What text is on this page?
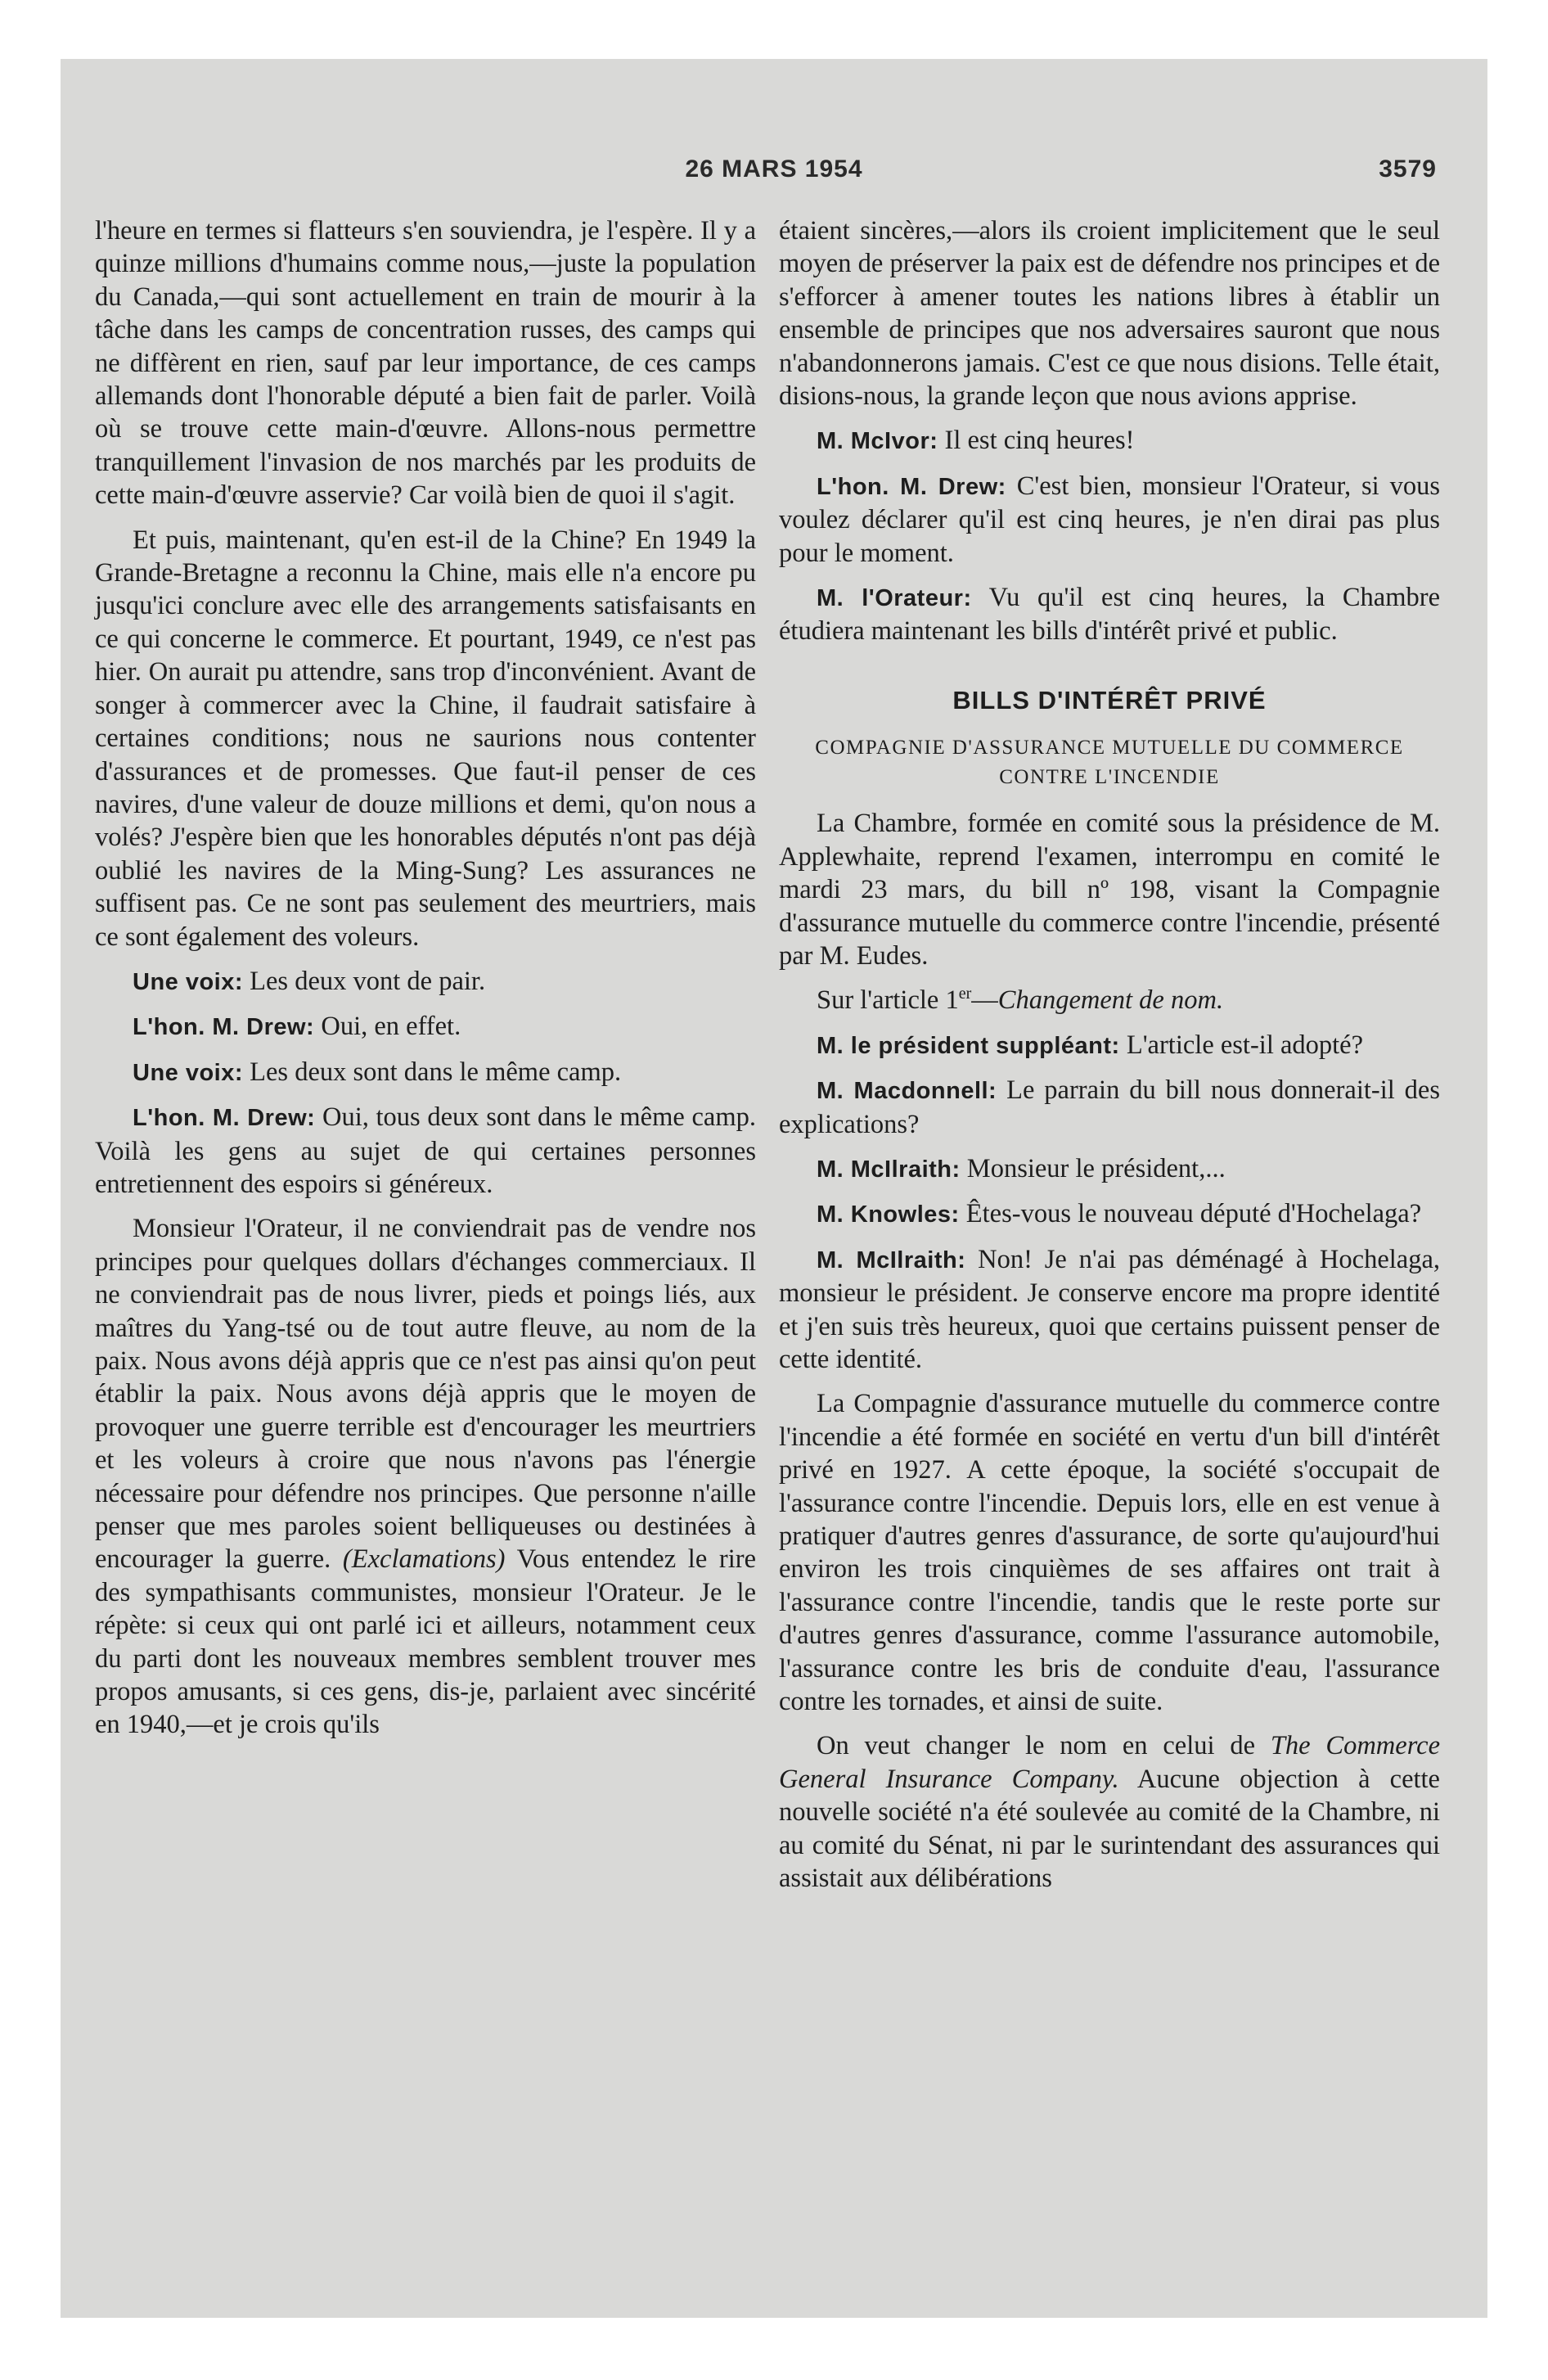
26 MARS 1954	3579

l'heure en termes si flatteurs s'en souviendra, je l'espère. Il y a quinze millions d'humains comme nous,—juste la population du Canada,—qui sont actuellement en train de mourir à la tâche dans les camps de concentration russes, des camps qui ne diffèrent en rien, sauf par leur importance, de ces camps allemands dont l'honorable député a bien fait de parler. Voilà où se trouve cette main-d'œuvre. Allons-nous permettre tranquillement l'invasion de nos marchés par les produits de cette main-d'œuvre asservie? Car voilà bien de quoi il s'agit.

Et puis, maintenant, qu'en est-il de la Chine? En 1949 la Grande-Bretagne a reconnu la Chine, mais elle n'a encore pu jusqu'ici conclure avec elle des arrangements satisfaisants en ce qui concerne le commerce. Et pourtant, 1949, ce n'est pas hier. On aurait pu attendre, sans trop d'inconvénient. Avant de songer à commercer avec la Chine, il faudrait satisfaire à certaines conditions; nous ne saurions nous contenter d'assurances et de promesses. Que faut-il penser de ces navires, d'une valeur de douze millions et demi, qu'on nous a volés? J'espère bien que les honorables députés n'ont pas déjà oublié les navires de la Ming-Sung? Les assurances ne suffisent pas. Ce ne sont pas seulement des meurtriers, mais ce sont également des voleurs.

Une voix: Les deux vont de pair.

L'hon. M. Drew: Oui, en effet.

Une voix: Les deux sont dans le même camp.

L'hon. M. Drew: Oui, tous deux sont dans le même camp. Voilà les gens au sujet de qui certaines personnes entretiennent des espoirs si généreux.

Monsieur l'Orateur, il ne conviendrait pas de vendre nos principes pour quelques dollars d'échanges commerciaux. Il ne conviendrait pas de nous livrer, pieds et poings liés, aux maîtres du Yang-tsé ou de tout autre fleuve, au nom de la paix. Nous avons déjà appris que ce n'est pas ainsi qu'on peut établir la paix. Nous avons déjà appris que le moyen de provoquer une guerre terrible est d'encourager les meurtriers et les voleurs à croire que nous n'avons pas l'énergie nécessaire pour défendre nos principes. Que personne n'aille penser que mes paroles soient belliqueuses ou destinées à encourager la guerre. (Exclamations) Vous entendez le rire des sympathisants communistes, monsieur l'Orateur. Je le répète: si ceux qui ont parlé ici et ailleurs, notamment ceux du parti dont les nouveaux membres semblent trouver mes propos amusants, si ces gens, dis-je, parlaient avec sincérité en 1940,—et je crois qu'ils

étaient sincères,—alors ils croient implicitement que le seul moyen de préserver la paix est de défendre nos principes et de s'efforcer à amener toutes les nations libres à établir un ensemble de principes que nos adversaires sauront que nous n'abandonnerons jamais. C'est ce que nous disions. Telle était, disions-nous, la grande leçon que nous avions apprise.

M. McIvor: Il est cinq heures!

L'hon. M. Drew: C'est bien, monsieur l'Orateur, si vous voulez déclarer qu'il est cinq heures, je n'en dirai pas plus pour le moment.

M. l'Orateur: Vu qu'il est cinq heures, la Chambre étudiera maintenant les bills d'intérêt privé et public.

BILLS D'INTÉRÊT PRIVÉ
COMPAGNIE D'ASSURANCE MUTUELLE DU COMMERCE CONTRE L'INCENDIE

La Chambre, formée en comité sous la présidence de M. Applewhaite, reprend l'examen, interrompu en comité le mardi 23 mars, du bill nº 198, visant la Compagnie d'assurance mutuelle du commerce contre l'incendie, présenté par M. Eudes.

Sur l'article 1er—Changement de nom.

M. le président suppléant: L'article est-il adopté?

M. Macdonnell: Le parrain du bill nous donnerait-il des explications?

M. McIlraith: Monsieur le président,...

M. Knowles: Êtes-vous le nouveau député d'Hochelaga?

M. McIlraith: Non! Je n'ai pas déménagé à Hochelaga, monsieur le président. Je conserve encore ma propre identité et j'en suis très heureux, quoi que certains puissent penser de cette identité.

La Compagnie d'assurance mutuelle du commerce contre l'incendie a été formée en société en vertu d'un bill d'intérêt privé en 1927. A cette époque, la société s'occupait de l'assurance contre l'incendie. Depuis lors, elle en est venue à pratiquer d'autres genres d'assurance, de sorte qu'aujourd'hui environ les trois cinquièmes de ses affaires ont trait à l'assurance contre l'incendie, tandis que le reste porte sur d'autres genres d'assurance, comme l'assurance automobile, l'assurance contre les bris de conduite d'eau, l'assurance contre les tornades, et ainsi de suite.

On veut changer le nom en celui de The Commerce General Insurance Company. Aucune objection à cette nouvelle société n'a été soulevée au comité de la Chambre, ni au comité du Sénat, ni par le surintendant des assurances qui assistait aux délibérations
